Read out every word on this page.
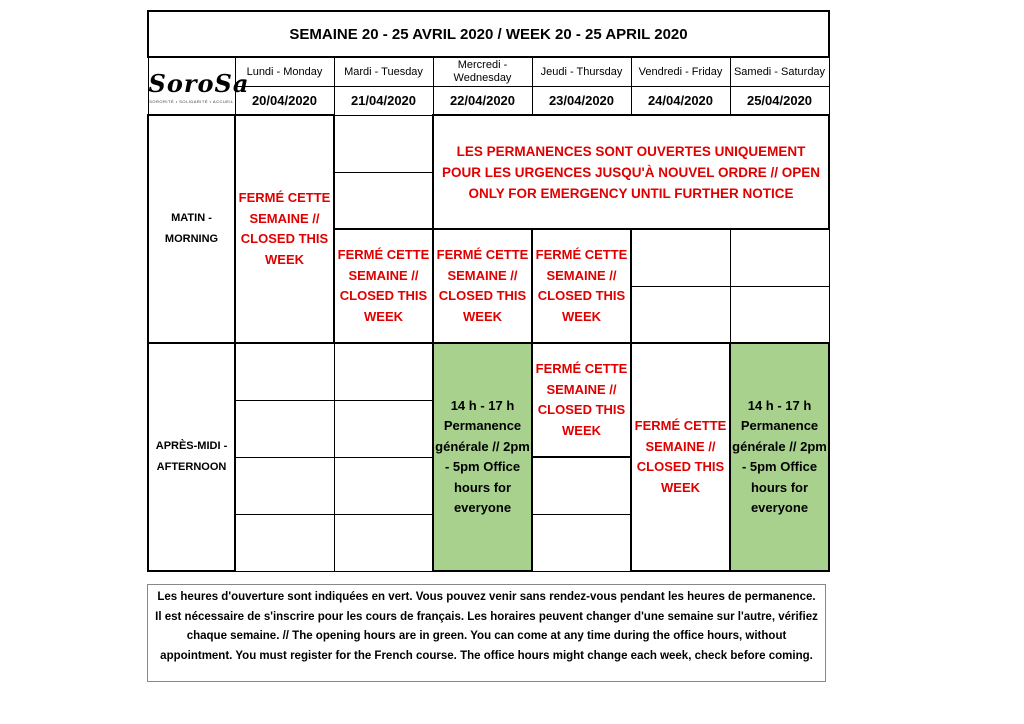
SEMAINE 20 - 25 AVRIL 2020 / WEEK 20 - 25 APRIL 2020						

SoroSa
SORORITÉ • SOLIDARITÉ • ACCUEIL	Lundi - Monday	Mardi - Tuesday	Mercredi - Wednesday	Jeudi - Thursday	Vendredi - Friday	Samedi - Saturday
	20/04/2020	21/04/2020	22/04/2020	23/04/2020	24/04/2020	25/04/2020
MATIN - MORNING	FERMÉ CETTE SEMAINE // CLOSED THIS WEEK		LES PERMANENCES SONT OUVERTES UNIQUEMENT POUR LES URGENCES JUSQU'À NOUVEL ORDRE // OPEN ONLY FOR EMERGENCY UNTIL FURTHER NOTICE			

		FERMÉ CETTE SEMAINE // CLOSED THIS WEEK	FERMÉ CETTE SEMAINE // CLOSED THIS WEEK	FERMÉ CETTE SEMAINE // CLOSED THIS WEEK		

APRÈS-MIDI - AFTERNOON			14 h - 17 h Permanence générale // 2pm - 5pm Office hours for everyone	FERMÉ CETTE SEMAINE // CLOSED THIS WEEK	FERMÉ CETTE SEMAINE // CLOSED THIS WEEK	14 h - 17 h Permanence générale // 2pm - 5pm Office hours for everyone

Les heures d'ouverture sont indiquées en vert. Vous pouvez venir sans rendez-vous pendant les heures de permanence. Il est nécessaire de s'inscrire pour les cours de français. Les horaires peuvent changer d'une semaine sur l'autre, vérifiez chaque semaine. // The opening hours are in green. You can come at any time during the office hours, without appointment. You must register for the French course. The office hours might change each week, check before coming.
